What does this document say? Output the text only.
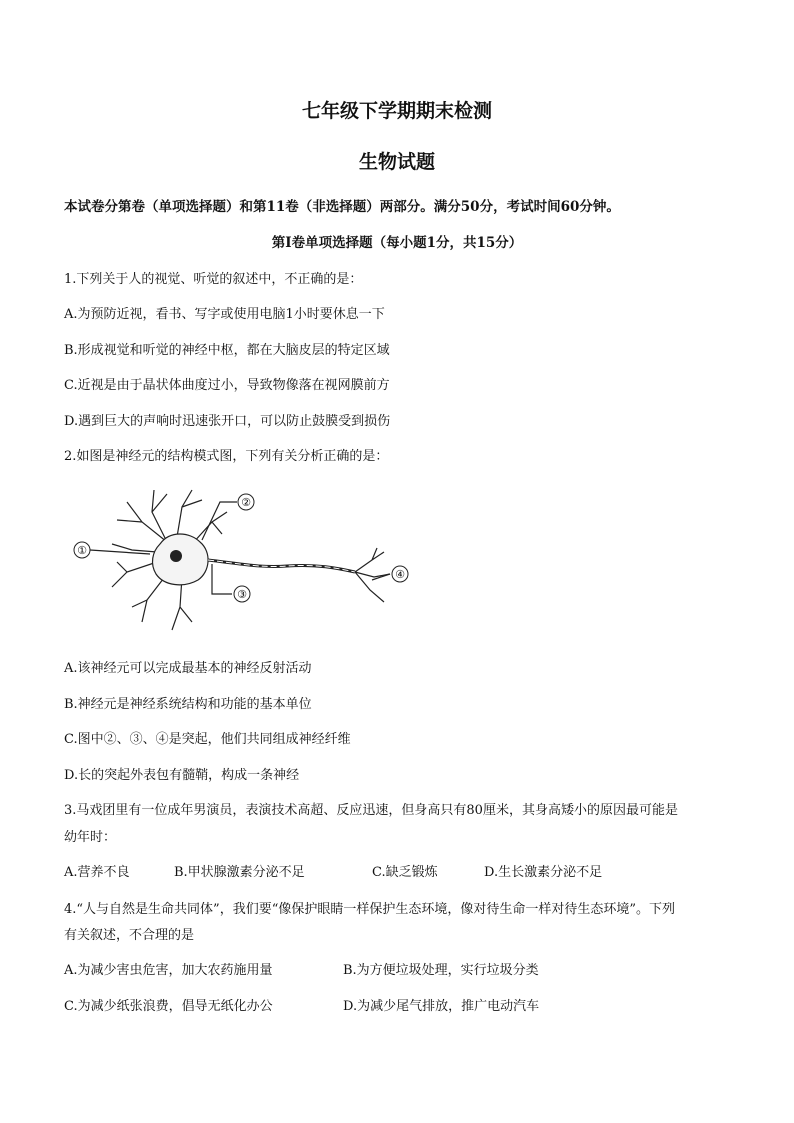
七年级下学期期末检测
生物试题
本试卷分第卷（单项选择题）和第11卷（非选择题）两部分。满分50分，考试时间60分钟。
第Ⅰ卷单项选择题（每小题1分，共15分）
1.下列关于人的视觉、听觉的叙述中，不正确的是：
A.为预防近视，看书、写字或使用电脑1小时要休息一下
B.形成视觉和听觉的神经中枢，都在大脑皮层的特定区域
C.近视是由于晶状体曲度过小，导致物像落在视网膜前方
D.遇到巨大的声响时迅速张开口，可以防止鼓膜受到损伤
2.如图是神经元的结构模式图，下列有关分析正确的是：
①
②
③
④
A.该神经元可以完成最基本的神经反射活动
B.神经元是神经系统结构和功能的基本单位
C.图中②、③、④是突起，他们共同组成神经纤维
D.长的突起外表包有髓鞘，构成一条神经
3.马戏团里有一位成年男演员，表演技术高超、反应迅速，但身高只有80厘米，其身高矮小的原因最可能是
幼年时：
A.营养不良	B.甲状腺激素分泌不足	C.缺乏锻炼	D.生长激素分泌不足
4.“人与自然是生命共同体”，我们要“像保护眼睛一样保护生态环境，像对待生命一样对待生态环境”。下列
有关叙述，不合理的是
A.为减少害虫危害，加大农药施用量	B.为方便垃圾处理，实行垃圾分类
C.为减少纸张浪费，倡导无纸化办公	D.为减少尾气排放，推广电动汽车
